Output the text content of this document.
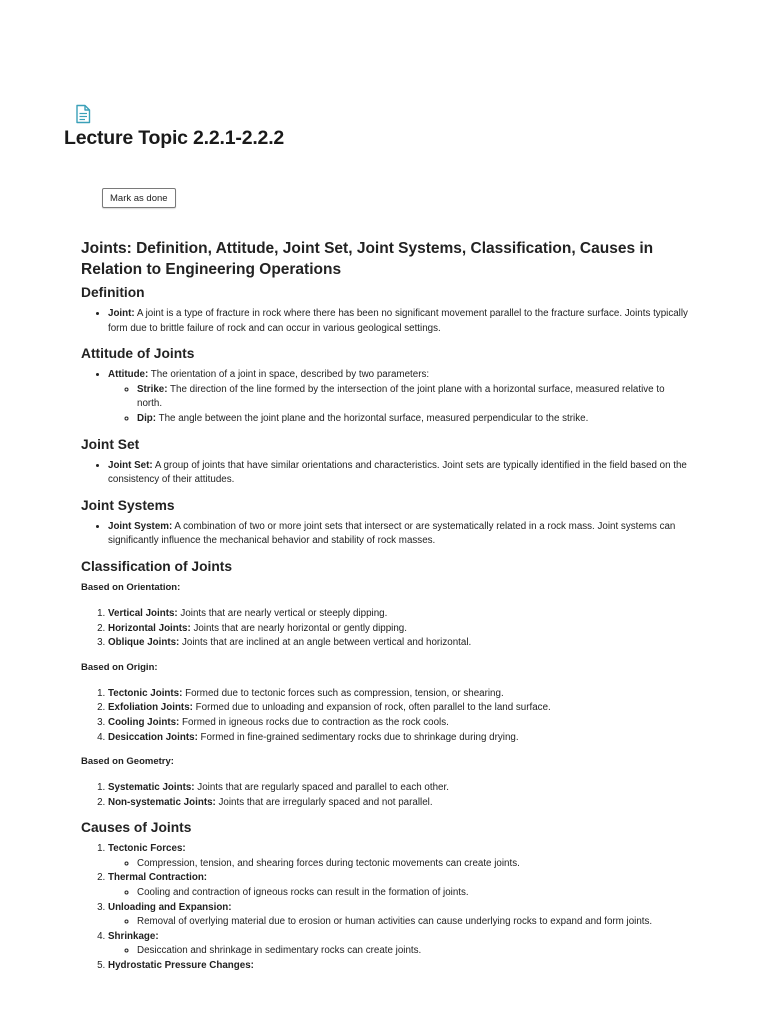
Lecture Topic 2.2.1-2.2.2
Mark as done
Joints: Definition, Attitude, Joint Set, Joint Systems, Classification, Causes in Relation to Engineering Operations
Definition
• Joint: A joint is a type of fracture in rock where there has been no significant movement parallel to the fracture surface. Joints typically form due to brittle failure of rock and can occur in various geological settings.
Attitude of Joints
• Attitude: The orientation of a joint in space, described by two parameters:
◦ Strike: The direction of the line formed by the intersection of the joint plane with a horizontal surface, measured relative to north.
◦ Dip: The angle between the joint plane and the horizontal surface, measured perpendicular to the strike.
Joint Set
• Joint Set: A group of joints that have similar orientations and characteristics. Joint sets are typically identified in the field based on the consistency of their attitudes.
Joint Systems
• Joint System: A combination of two or more joint sets that intersect or are systematically related in a rock mass. Joint systems can significantly influence the mechanical behavior and stability of rock masses.
Classification of Joints

Based on Orientation:

1. Vertical Joints: Joints that are nearly vertical or steeply dipping.
2. Horizontal Joints: Joints that are nearly horizontal or gently dipping.
3. Oblique Joints: Joints that are inclined at an angle between vertical and horizontal.

Based on Origin:

1. Tectonic Joints: Formed due to tectonic forces such as compression, tension, or shearing.
2. Exfoliation Joints: Formed due to unloading and expansion of rock, often parallel to the land surface.
3. Cooling Joints: Formed in igneous rocks due to contraction as the rock cools.
4. Desiccation Joints: Formed in fine-grained sedimentary rocks due to shrinkage during drying.

Based on Geometry:

1. Systematic Joints: Joints that are regularly spaced and parallel to each other.
2. Non-systematic Joints: Joints that are irregularly spaced and not parallel.
Causes of Joints
1. Tectonic Forces:
◦ Compression, tension, and shearing forces during tectonic movements can create joints.
2. Thermal Contraction:
◦ Cooling and contraction of igneous rocks can result in the formation of joints.
3. Unloading and Expansion:
◦ Removal of overlying material due to erosion or human activities can cause underlying rocks to expand and form joints.
4. Shrinkage:
◦ Desiccation and shrinkage in sedimentary rocks can create joints.
5. Hydrostatic Pressure Changes:
